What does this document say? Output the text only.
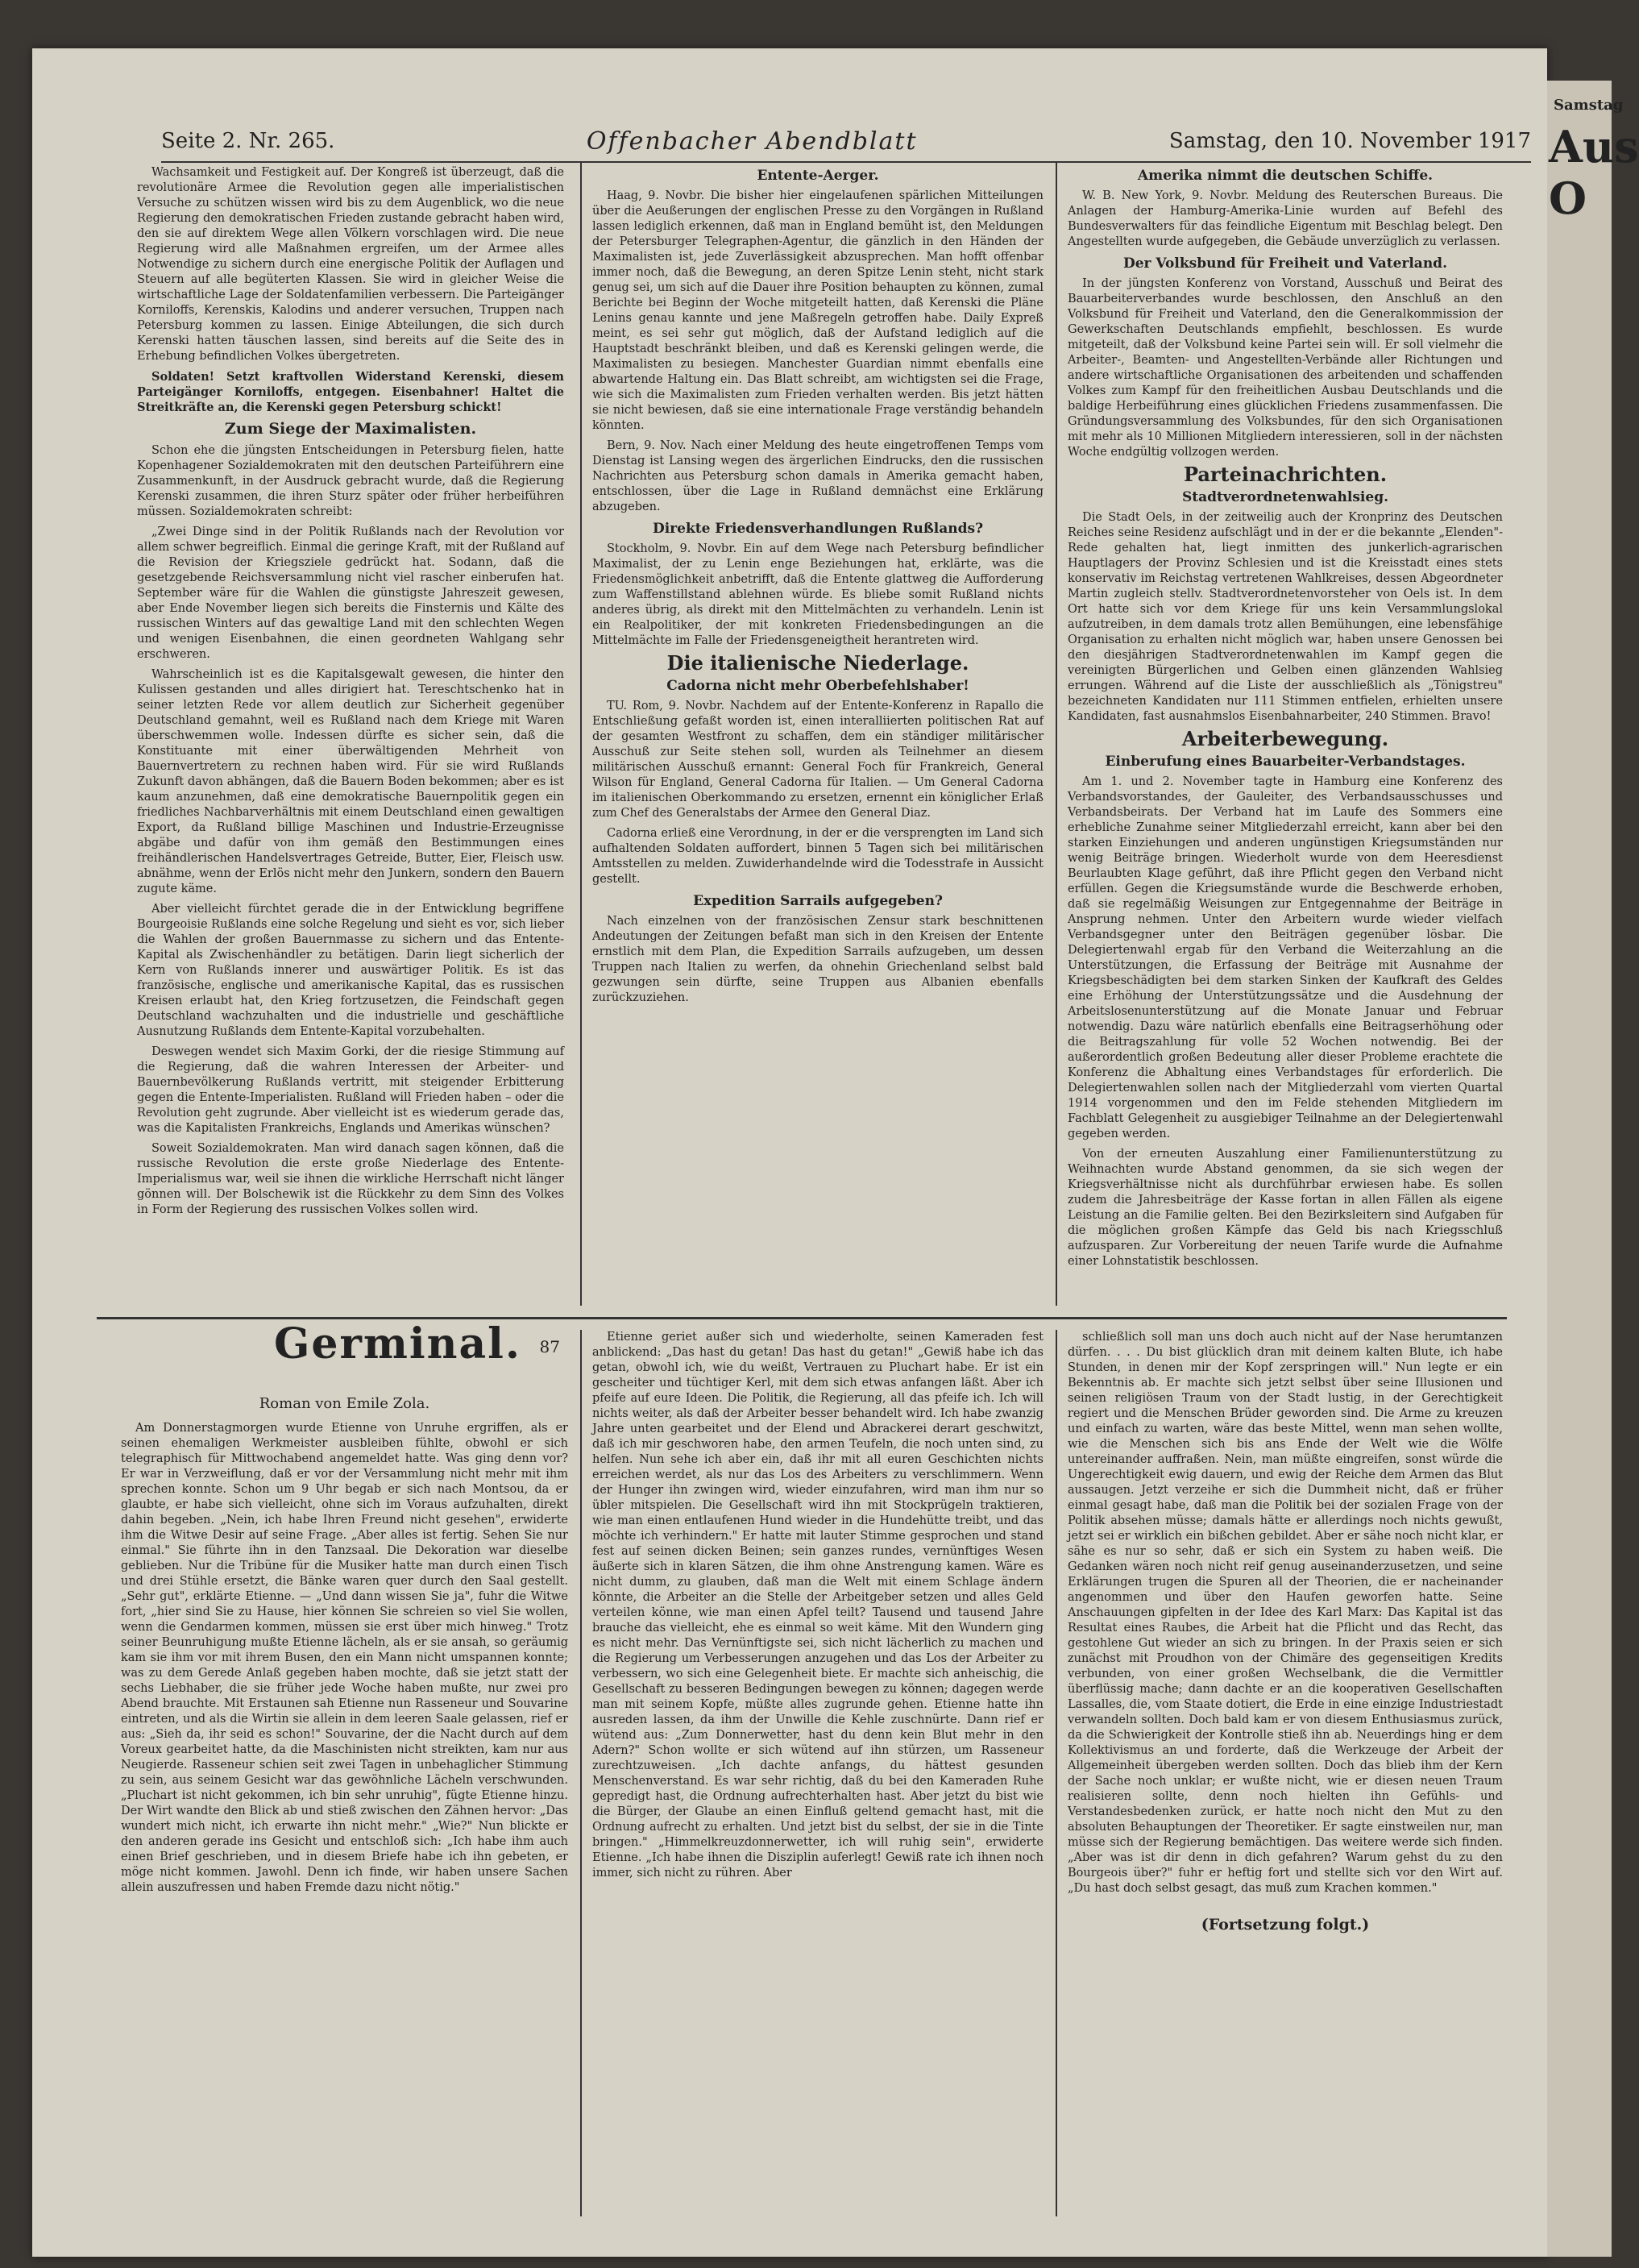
Seite 2. Nr. 265.	Offenbacher Abendblatt	Samstag, den 10. November 1917
Samstag
Aus O

Wachsamkeit und Festigkeit auf. Der Kongreß ist überzeugt, daß die revolutionäre Armee die Revolution gegen alle imperialistischen Versuche zu schützen wissen wird bis zu dem Augenblick, wo die neue Regierung den demokratischen Frieden zustande gebracht haben wird, den sie auf direktem Wege allen Völkern vorschlagen wird. Die neue Regierung wird alle Maßnahmen ergreifen, um der Armee alles Notwendige zu sichern durch eine energische Politik der Auflagen und Steuern auf alle begüterten Klassen. Sie wird in gleicher Weise die wirtschaftliche Lage der Soldatenfamilien verbessern. Die Parteigänger Korniloffs, Kerenskis, Kalodins und anderer versuchen, Truppen nach Petersburg kommen zu lassen. Einige Abteilungen, die sich durch Kerenski hatten täuschen lassen, sind bereits auf die Seite des in Erhebung befindlichen Volkes übergetreten.

Soldaten! Setzt kraftvollen Widerstand Kerenski, diesem Parteigänger Korniloffs, entgegen. Eisenbahner! Haltet die Streitkräfte an, die Kerenski gegen Petersburg schickt!

Zum Siege der Maximalisten.

Schon ehe die jüngsten Entscheidungen in Petersburg fielen, hatte Kopenhagener Sozialdemokraten mit den deutschen Parteiführern eine Zusammenkunft, in der Ausdruck gebracht wurde, daß die Regierung Kerenski zusammen, die ihren Sturz später oder früher herbeiführen müssen. Sozialdemokraten schreibt:

„Zwei Dinge sind in der Politik Rußlands nach der Revolution vor allem schwer begreiflich. Einmal die geringe Kraft, mit der Rußland auf die Revision der Kriegsziele gedrückt hat. Sodann, daß die gesetzgebende Reichsversammlung nicht viel rascher einberufen hat. September wäre für die Wahlen die günstigste Jahreszeit gewesen, aber Ende November liegen sich bereits die Finsternis und Kälte des russischen Winters auf das gewaltige Land mit den schlechten Wegen und wenigen Eisenbahnen, die einen geordneten Wahlgang sehr erschweren.

Wahrscheinlich ist es die Kapitalsgewalt gewesen, die hinter den Kulissen gestanden und alles dirigiert hat. Tereschtschenko hat in seiner letzten Rede vor allem deutlich zur Sicherheit gegenüber Deutschland gemahnt, weil es Rußland nach dem Kriege mit Waren überschwemmen wolle. Indessen dürfte es sicher sein, daß die Konstituante mit einer überwältigenden Mehrheit von Bauernvertretern zu rechnen haben wird. Für sie wird Rußlands Zukunft davon abhängen, daß die Bauern Boden bekommen; aber es ist kaum anzunehmen, daß eine demokratische Bauernpolitik gegen ein friedliches Nachbarverhältnis mit einem Deutschland einen gewaltigen Export, da Rußland billige Maschinen und Industrie-Erzeugnisse abgäbe und dafür von ihm gemäß den Bestimmungen eines freihändlerischen Handelsvertrages Getreide, Butter, Eier, Fleisch usw. abnähme, wenn der Erlös nicht mehr den Junkern, sondern den Bauern zugute käme.

Aber vielleicht fürchtet gerade die in der Entwicklung begriffene Bourgeoisie Rußlands eine solche Regelung und sieht es vor, sich lieber die Wahlen der großen Bauernmasse zu sichern und das Entente-Kapital als Zwischenhändler zu betätigen. Darin liegt sicherlich der Kern von Rußlands innerer und auswärtiger Politik. Es ist das französische, englische und amerikanische Kapital, das es russischen Kreisen erlaubt hat, den Krieg fortzusetzen, die Feindschaft gegen Deutschland wachzuhalten und die industrielle und geschäftliche Ausnutzung Rußlands dem Entente-Kapital vorzubehalten.

Deswegen wendet sich Maxim Gorki, der die riesige Stimmung auf die Regierung, daß die wahren Interessen der Arbeiter- und Bauernbevölkerung Rußlands vertritt, mit steigender Erbitterung gegen die Entente-Imperialisten. Rußland will Frieden haben – oder die Revolution geht zugrunde. Aber vielleicht ist es wiederum gerade das, was die Kapitalisten Frankreichs, Englands und Amerikas wünschen?

Soweit Sozialdemokraten. Man wird danach sagen können, daß die russische Revolution die erste große Niederlage des Entente-Imperialismus war, weil sie ihnen die wirkliche Herrschaft nicht länger gönnen will. Der Bolschewik ist die Rückkehr zu dem Sinn des Volkes in Form der Regierung des russischen Volkes sollen wird.

Entente-Aerger.

Haag, 9. Novbr. Die bisher hier eingelaufenen spärlichen Mitteilungen über die Aeußerungen der englischen Presse zu den Vorgängen in Rußland lassen lediglich erkennen, daß man in England bemüht ist, den Meldungen der Petersburger Telegraphen-Agentur, die gänzlich in den Händen der Maximalisten ist, jede Zuverlässigkeit abzusprechen. Man hofft offenbar immer noch, daß die Bewegung, an deren Spitze Lenin steht, nicht stark genug sei, um sich auf die Dauer ihre Position behaupten zu können, zumal Berichte bei Beginn der Woche mitgeteilt hatten, daß Kerenski die Pläne Lenins genau kannte und jene Maßregeln getroffen habe. Daily Expreß meint, es sei sehr gut möglich, daß der Aufstand lediglich auf die Hauptstadt beschränkt bleiben, und daß es Kerenski gelingen werde, die Maximalisten zu besiegen. Manchester Guardian nimmt ebenfalls eine abwartende Haltung ein. Das Blatt schreibt, am wichtigsten sei die Frage, wie sich die Maximalisten zum Frieden verhalten werden. Bis jetzt hätten sie nicht bewiesen, daß sie eine internationale Frage verständig behandeln könnten.

Bern, 9. Nov. Nach einer Meldung des heute eingetroffenen Temps vom Dienstag ist Lansing wegen des ärgerlichen Eindrucks, den die russischen Nachrichten aus Petersburg schon damals in Amerika gemacht haben, entschlossen, über die Lage in Rußland demnächst eine Erklärung abzugeben.

Direkte Friedensverhandlungen Rußlands?

Stockholm, 9. Novbr. Ein auf dem Wege nach Petersburg befindlicher Maximalist, der zu Lenin enge Beziehungen hat, erklärte, was die Friedensmöglichkeit anbetrifft, daß die Entente glattweg die Aufforderung zum Waffenstillstand ablehnen würde. Es bliebe somit Rußland nichts anderes übrig, als direkt mit den Mittelmächten zu verhandeln. Lenin ist ein Realpolitiker, der mit konkreten Friedensbedingungen an die Mittelmächte im Falle der Friedensgeneigtheit herantreten wird.

Die italienische Niederlage.
Cadorna nicht mehr Oberbefehlshaber!

TU. Rom, 9. Novbr. Nachdem auf der Entente-Konferenz in Rapallo die Entschließung gefaßt worden ist, einen interalliierten politischen Rat auf der gesamten Westfront zu schaffen, dem ein ständiger militärischer Ausschuß zur Seite stehen soll, wurden als Teilnehmer an diesem militärischen Ausschuß ernannt: General Foch für Frankreich, General Wilson für England, General Cadorna für Italien. — Um General Cadorna im italienischen Oberkommando zu ersetzen, ernennt ein königlicher Erlaß zum Chef des Generalstabs der Armee den General Diaz.

Cadorna erließ eine Verordnung, in der er die versprengten im Land sich aufhaltenden Soldaten auffordert, binnen 5 Tagen sich bei militärischen Amtsstellen zu melden. Zuwiderhandelnde wird die Todesstrafe in Aussicht gestellt.

Expedition Sarrails aufgegeben?

Nach einzelnen von der französischen Zensur stark beschnittenen Andeutungen der Zeitungen befaßt man sich in den Kreisen der Entente ernstlich mit dem Plan, die Expedition Sarrails aufzugeben, um dessen Truppen nach Italien zu werfen, da ohnehin Griechenland selbst bald gezwungen sein dürfte, seine Truppen aus Albanien ebenfalls zurückzuziehen.

Amerika nimmt die deutschen Schiffe.

W. B. New York, 9. Novbr. Meldung des Reuterschen Bureaus. Die Anlagen der Hamburg-Amerika-Linie wurden auf Befehl des Bundesverwalters für das feindliche Eigentum mit Beschlag belegt. Den Angestellten wurde aufgegeben, die Gebäude unverzüglich zu verlassen.

Der Volksbund für Freiheit und Vaterland.

In der jüngsten Konferenz von Vorstand, Ausschuß und Beirat des Bauarbeiterverbandes wurde beschlossen, den Anschluß an den Volksbund für Freiheit und Vaterland, den die Generalkommission der Gewerkschaften Deutschlands empfiehlt, beschlossen. Es wurde mitgeteilt, daß der Volksbund keine Partei sein will. Er soll vielmehr die Arbeiter-, Beamten- und Angestellten-Verbände aller Richtungen und andere wirtschaftliche Organisationen des arbeitenden und schaffenden Volkes zum Kampf für den freiheitlichen Ausbau Deutschlands und die baldige Herbeiführung eines glücklichen Friedens zusammenfassen. Die Gründungsversammlung des Volksbundes, für den sich Organisationen mit mehr als 10 Millionen Mitgliedern interessieren, soll in der nächsten Woche endgültig vollzogen werden.

Parteinachrichten.
Stadtverordnetenwahlsieg.

Die Stadt Oels, in der zeitweilig auch der Kronprinz des Deutschen Reiches seine Residenz aufschlägt und in der er die bekannte „Elenden"-Rede gehalten hat, liegt inmitten des junkerlich-agrarischen Hauptlagers der Provinz Schlesien und ist die Kreisstadt eines stets konservativ im Reichstag vertretenen Wahlkreises, dessen Abgeordneter Martin zugleich stellv. Stadtverordnetenvorsteher von Oels ist. In dem Ort hatte sich vor dem Kriege für uns kein Versammlungslokal aufzutreiben, in dem damals trotz allen Bemühungen, eine lebensfähige Organisation zu erhalten nicht möglich war, haben unsere Genossen bei den diesjährigen Stadtverordnetenwahlen im Kampf gegen die vereinigten Bürgerlichen und Gelben einen glänzenden Wahlsieg errungen. Während auf die Liste der ausschließlich als „Tönigstreu" bezeichneten Kandidaten nur 111 Stimmen entfielen, erhielten unsere Kandidaten, fast ausnahmslos Eisenbahnarbeiter, 240 Stimmen. Bravo!

Arbeiterbewegung.
Einberufung eines Bauarbeiter-Verbandstages.

Am 1. und 2. November tagte in Hamburg eine Konferenz des Verbandsvorstandes, der Gauleiter, des Verbandsausschusses und Verbandsbeirats. Der Verband hat im Laufe des Sommers eine erhebliche Zunahme seiner Mitgliederzahl erreicht, kann aber bei den starken Einziehungen und anderen ungünstigen Kriegsumständen nur wenig Beiträge bringen. Wiederholt wurde von dem Heeresdienst Beurlaubten Klage geführt, daß ihre Pflicht gegen den Verband nicht erfüllen. Gegen die Kriegsumstände wurde die Beschwerde erhoben, daß sie regelmäßig Weisungen zur Entgegennahme der Beiträge in Ansprung nehmen. Unter den Arbeitern wurde wieder vielfach Verbandsgegner unter den Beiträgen gegenüber lösbar. Die Delegiertenwahl ergab für den Verband die Weiterzahlung an die Unterstützungen, die Erfassung der Beiträge mit Ausnahme der Kriegsbeschädigten bei dem starken Sinken der Kaufkraft des Geldes eine Erhöhung der Unterstützungssätze und die Ausdehnung der Arbeitslosenunterstützung auf die Monate Januar und Februar notwendig. Dazu wäre natürlich ebenfalls eine Beitragserhöhung oder die Beitragszahlung für volle 52 Wochen notwendig. Bei der außerordentlich großen Bedeutung aller dieser Probleme erachtete die Konferenz die Abhaltung eines Verbandstages für erforderlich. Die Delegiertenwahlen sollen nach der Mitgliederzahl vom vierten Quartal 1914 vorgenommen und den im Felde stehenden Mitgliedern im Fachblatt Gelegenheit zu ausgiebiger Teilnahme an der Delegiertenwahl gegeben werden.

Von der erneuten Auszahlung einer Familienunterstützung zu Weihnachten wurde Abstand genommen, da sie sich wegen der Kriegsverhältnisse nicht als durchführbar erwiesen habe. Es sollen zudem die Jahresbeiträge der Kasse fortan in allen Fällen als eigene Leistung an die Familie gelten. Bei den Bezirksleitern sind Aufgaben für die möglichen großen Kämpfe das Geld bis nach Kriegsschluß aufzusparen. Zur Vorbereitung der neuen Tarife wurde die Aufnahme einer Lohnstatistik beschlossen.

Germinal. 87
Roman von Emile Zola.

Am Donnerstagmorgen wurde Etienne von Unruhe ergriffen, als er seinen ehemaligen Werkmeister ausbleiben fühlte, obwohl er sich telegraphisch für Mittwochabend angemeldet hatte. Was ging denn vor? Er war in Verzweiflung, daß er vor der Versammlung nicht mehr mit ihm sprechen konnte. Schon um 9 Uhr begab er sich nach Montsou, da er glaubte, er habe sich vielleicht, ohne sich im Voraus aufzuhalten, direkt dahin begeben. „Nein, ich habe Ihren Freund nicht gesehen", erwiderte ihm die Witwe Desir auf seine Frage. „Aber alles ist fertig. Sehen Sie nur einmal." Sie führte ihn in den Tanzsaal. Die Dekoration war dieselbe geblieben. Nur die Tribüne für die Musiker hatte man durch einen Tisch und drei Stühle ersetzt, die Bänke waren quer durch den Saal gestellt. „Sehr gut", erklärte Etienne. — „Und dann wissen Sie ja", fuhr die Witwe fort, „hier sind Sie zu Hause, hier können Sie schreien so viel Sie wollen, wenn die Gendarmen kommen, müssen sie erst über mich hinweg." Trotz seiner Beunruhigung mußte Etienne lächeln, als er sie ansah, so geräumig kam sie ihm vor mit ihrem Busen, den ein Mann nicht umspannen konnte; was zu dem Gerede Anlaß gegeben haben mochte, daß sie jetzt statt der sechs Liebhaber, die sie früher jede Woche haben mußte, nur zwei pro Abend brauchte. Mit Erstaunen sah Etienne nun Rasseneur und Souvarine eintreten, und als die Wirtin sie allein in dem leeren Saale gelassen, rief er aus: „Sieh da, ihr seid es schon!" Souvarine, der die Nacht durch auf dem Voreux gearbeitet hatte, da die Maschinisten nicht streikten, kam nur aus Neugierde. Rasseneur schien seit zwei Tagen in unbehaglicher Stimmung zu sein, aus seinem Gesicht war das gewöhnliche Lächeln verschwunden. „Pluchart ist nicht gekommen, ich bin sehr unruhig", fügte Etienne hinzu. Der Wirt wandte den Blick ab und stieß zwischen den Zähnen hervor: „Das wundert mich nicht, ich erwarte ihn nicht mehr." „Wie?" Nun blickte er den anderen gerade ins Gesicht und entschloß sich: „Ich habe ihm auch einen Brief geschrieben, und in diesem Briefe habe ich ihn gebeten, er möge nicht kommen. Jawohl. Denn ich finde, wir haben unsere Sachen allein auszufressen und haben Fremde dazu nicht nötig."

Etienne geriet außer sich und wiederholte, seinen Kameraden fest anblickend: „Das hast du getan! Das hast du getan!" „Gewiß habe ich das getan, obwohl ich, wie du weißt, Vertrauen zu Pluchart habe. Er ist ein gescheiter und tüchtiger Kerl, mit dem sich etwas anfangen läßt. Aber ich pfeife auf eure Ideen. Die Politik, die Regierung, all das pfeife ich. Ich will nichts weiter, als daß der Arbeiter besser behandelt wird. Ich habe zwanzig Jahre unten gearbeitet und der Elend und Abrackerei derart geschwitzt, daß ich mir geschworen habe, den armen Teufeln, die noch unten sind, zu helfen. Nun sehe ich aber ein, daß ihr mit all euren Geschichten nichts erreichen werdet, als nur das Los des Arbeiters zu verschlimmern. Wenn der Hunger ihn zwingen wird, wieder einzufahren, wird man ihm nur so übler mitspielen. Die Gesellschaft wird ihn mit Stockprügeln traktieren, wie man einen entlaufenen Hund wieder in die Hundehütte treibt, und das möchte ich verhindern." Er hatte mit lauter Stimme gesprochen und stand fest auf seinen dicken Beinen; sein ganzes rundes, vernünftiges Wesen äußerte sich in klaren Sätzen, die ihm ohne Anstrengung kamen. Wäre es nicht dumm, zu glauben, daß man die Welt mit einem Schlage ändern könnte, die Arbeiter an die Stelle der Arbeitgeber setzen und alles Geld verteilen könne, wie man einen Apfel teilt? Tausend und tausend Jahre brauche das vielleicht, ehe es einmal so weit käme. Mit den Wundern ging es nicht mehr. Das Vernünftigste sei, sich nicht lächerlich zu machen und die Regierung um Verbesserungen anzugehen und das Los der Arbeiter zu verbessern, wo sich eine Gelegenheit biete. Er machte sich anheischig, die Gesellschaft zu besseren Bedingungen bewegen zu können; dagegen werde man mit seinem Kopfe, müßte alles zugrunde gehen. Etienne hatte ihn ausreden lassen, da ihm der Unwille die Kehle zuschnürte. Dann rief er wütend aus: „Zum Donnerwetter, hast du denn kein Blut mehr in den Adern?" Schon wollte er sich wütend auf ihn stürzen, um Rasseneur zurechtzuweisen. „Ich dachte anfangs, du hättest gesunden Menschenverstand. Es war sehr richtig, daß du bei den Kameraden Ruhe gepredigt hast, die Ordnung aufrechterhalten hast. Aber jetzt du bist wie die Bürger, der Glaube an einen Einfluß geltend gemacht hast, mit die Ordnung aufrecht zu erhalten. Und jetzt bist du selbst, der sie in die Tinte bringen." „Himmelkreuzdonnerwetter, ich will ruhig sein", erwiderte Etienne. „Ich habe ihnen die Disziplin auferlegt! Gewiß rate ich ihnen noch immer, sich nicht zu rühren. Aber

schließlich soll man uns doch auch nicht auf der Nase herumtanzen dürfen. . . . Du bist glücklich dran mit deinem kalten Blute, ich habe Stunden, in denen mir der Kopf zerspringen will." Nun legte er ein Bekenntnis ab. Er machte sich jetzt selbst über seine Illusionen und seinen religiösen Traum von der Stadt lustig, in der Gerechtigkeit regiert und die Menschen Brüder geworden sind. Die Arme zu kreuzen und einfach zu warten, wäre das beste Mittel, wenn man sehen wollte, wie die Menschen sich bis ans Ende der Welt wie die Wölfe untereinander auffraßen. Nein, man müßte eingreifen, sonst würde die Ungerechtigkeit ewig dauern, und ewig der Reiche dem Armen das Blut aussaugen. Jetzt verzeihe er sich die Dummheit nicht, daß er früher einmal gesagt habe, daß man die Politik bei der sozialen Frage von der Politik absehen müsse; damals hätte er allerdings noch nichts gewußt, jetzt sei er wirklich ein bißchen gebildet. Aber er sähe noch nicht klar, er sähe es nur so sehr, daß er sich ein System zu haben weiß. Die Gedanken wären noch nicht reif genug auseinanderzusetzen, und seine Erklärungen trugen die Spuren all der Theorien, die er nacheinander angenommen und über den Haufen geworfen hatte. Seine Anschauungen gipfelten in der Idee des Karl Marx: Das Kapital ist das Resultat eines Raubes, die Arbeit hat die Pflicht und das Recht, das gestohlene Gut wieder an sich zu bringen. In der Praxis seien er sich zunächst mit Proudhon von der Chimäre des gegenseitigen Kredits verbunden, von einer großen Wechselbank, die die Vermittler überflüssig mache; dann dachte er an die kooperativen Gesellschaften Lassalles, die, vom Staate dotiert, die Erde in eine einzige Industriestadt verwandeln sollten. Doch bald kam er von diesem Enthusiasmus zurück, da die Schwierigkeit der Kontrolle stieß ihn ab. Neuerdings hing er dem Kollektivismus an und forderte, daß die Werkzeuge der Arbeit der Allgemeinheit übergeben werden sollten. Doch das blieb ihm der Kern der Sache noch unklar; er wußte nicht, wie er diesen neuen Traum realisieren sollte, denn noch hielten ihn Gefühls- und Verstandesbedenken zurück, er hatte noch nicht den Mut zu den absoluten Behauptungen der Theoretiker. Er sagte einstweilen nur, man müsse sich der Regierung bemächtigen. Das weitere werde sich finden. „Aber was ist dir denn in dich gefahren? Warum gehst du zu den Bourgeois über?" fuhr er heftig fort und stellte sich vor den Wirt auf. „Du hast doch selbst gesagt, das muß zum Krachen kommen."

(Fortsetzung folgt.)
